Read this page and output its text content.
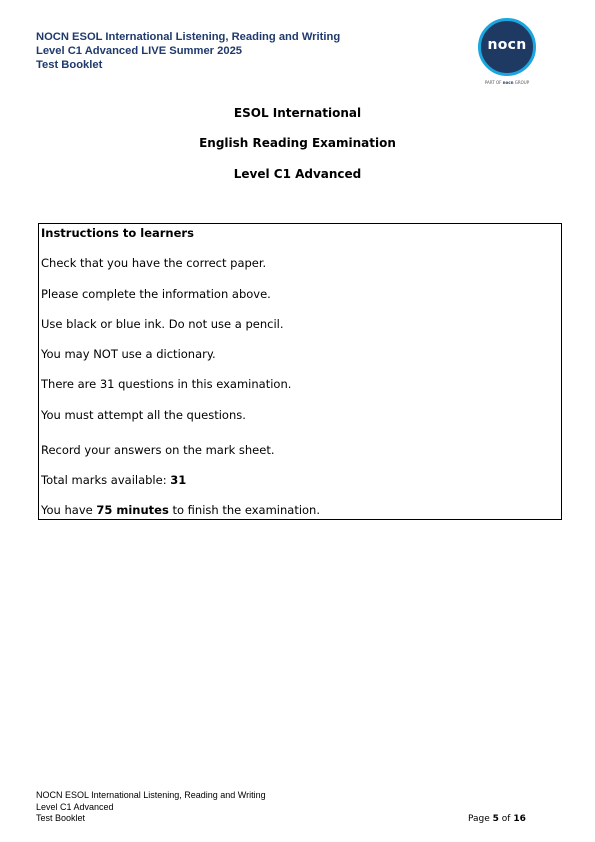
NOCN ESOL International Listening, Reading and Writing
Level C1 Advanced LIVE Summer 2025
Test Booklet
nocn
PART OF nocn GROUP
ESOL International
English Reading Examination
Level C1 Advanced
Instructions to learners
Check that you have the correct paper.
Please complete the information above.
Use black or blue ink. Do not use a pencil.
You may NOT use a dictionary.
There are 31 questions in this examination.
You must attempt all the questions.
Record your answers on the mark sheet.
Total marks available: 31
You have 75 minutes to finish the examination.
NOCN ESOL International Listening, Reading and Writing
Level C1 Advanced
Test Booklet	Page 5 of 16
